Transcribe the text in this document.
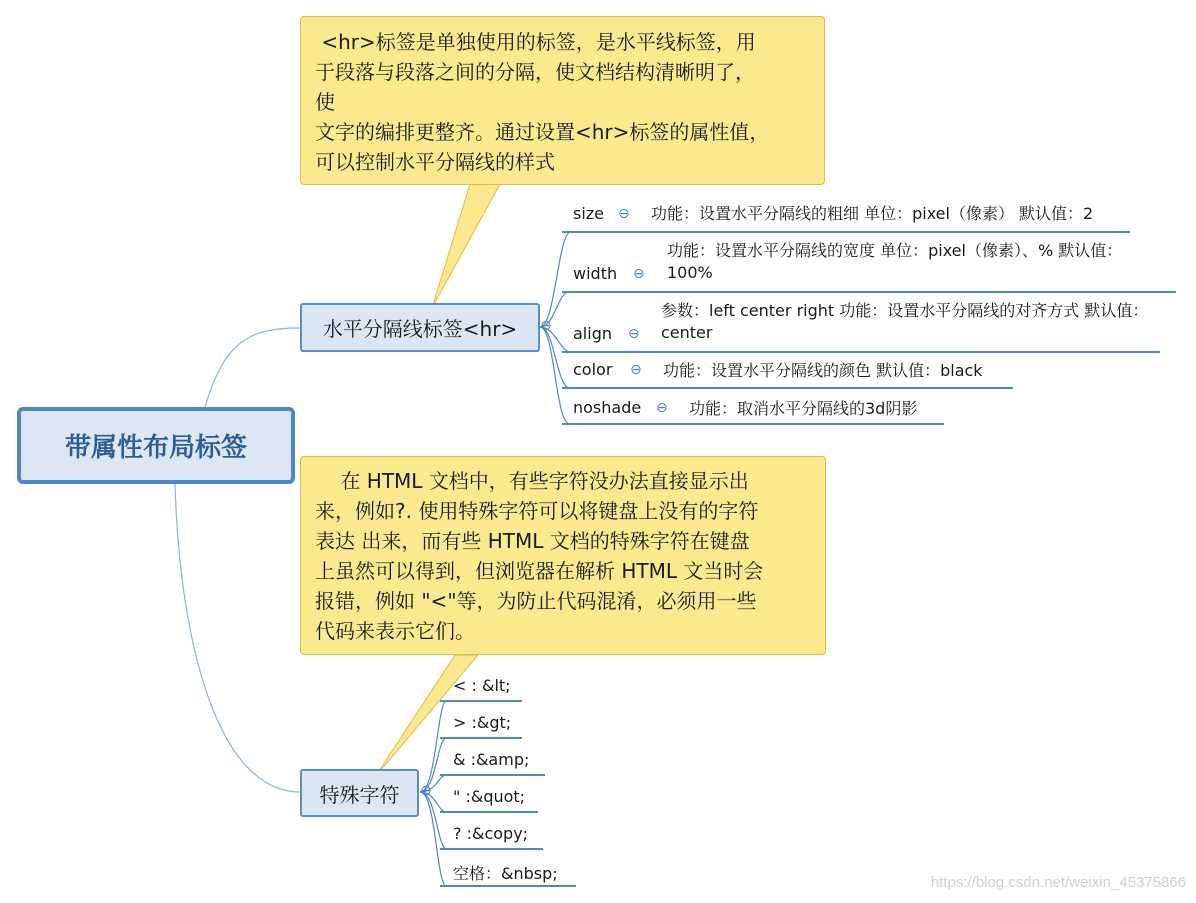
<hr>标签是单独使用的标签，是水平线标签，用
于段落与段落之间的分隔，使文档结构清晰明了，
使
文字的编排更整齐。通过设置<hr>标签的属性值，
可以控制水平分隔线的样式
在 HTML 文档中，有些字符没办法直接显示出
来，例如?. 使用特殊字符可以将键盘上没有的字符
表达 出来，而有些 HTML 文档的特殊字符在键盘
上虽然可以得到，但浏览器在解析 HTML 文当时会
报错，例如 "<"等，为防止代码混淆，必须用一些
代码来表示它们。
带属性布局标签
水平分隔线标签<hr>	⊖
特殊字符	⊖
size ⊖ 功能：设置水平分隔线的粗细 单位：pixel（像素） 默认值：2
width ⊖
功能：设置水平分隔线的宽度 单位：pixel（像素）、% 默认值：100%
align ⊖
参数：left center right 功能：设置水平分隔线的对齐方式 默认值：center
color ⊖ 功能：设置水平分隔线的颜色 默认值：black
noshade ⊖ 功能：取消水平分隔线的3d阴影
< : &lt;
> :&gt;
& :&amp;
" :&quot;
? :&copy;
空格：&nbsp;	https://blog.csdn.net/weixin_45375866
